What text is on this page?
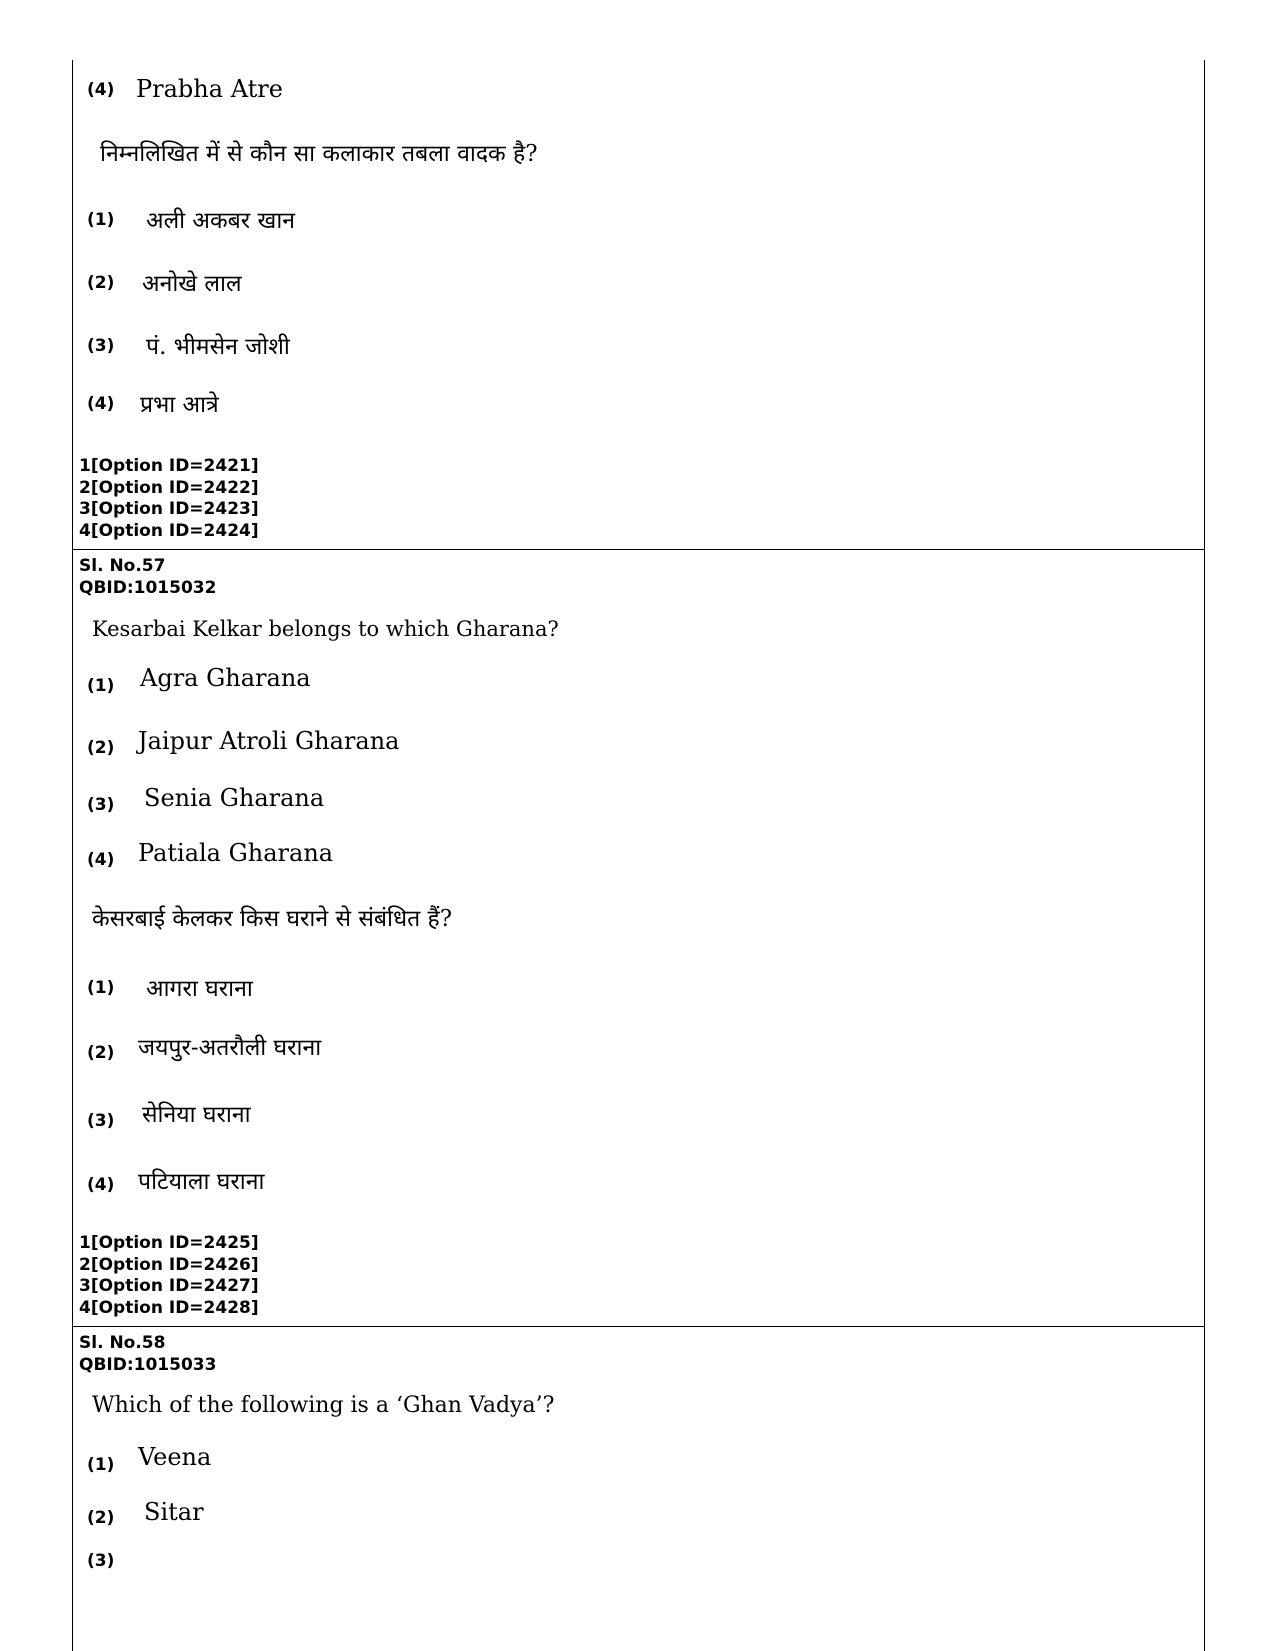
(4) Prabha Atre
निम्नलिखित में से कौन सा कलाकार तबला वादक है?
(1) अली अकबर खान
(2) अनोखे लाल
(3) पं. भीमसेन जोशी
(4) प्रभा आत्रे
1[Option ID=2421]
2[Option ID=2422]
3[Option ID=2423]
4[Option ID=2424]
Sl. No.57
QBID:1015032
Kesarbai Kelkar belongs to which Gharana?
(1) Agra Gharana
(2) Jaipur Atroli Gharana
(3) Senia Gharana
(4) Patiala Gharana
केसरबाई केलकर किस घराने से संबंधित हैं?
(1) आगरा घराना
(2) जयपुर-अतरौली घराना
(3) सेनिया घराना
(4) पटियाला घराना
1[Option ID=2425]
2[Option ID=2426]
3[Option ID=2427]
4[Option ID=2428]
Sl. No.58
QBID:1015033
Which of the following is a ‘Ghan Vadya’?
(1) Veena
(2) Sitar
(3)
